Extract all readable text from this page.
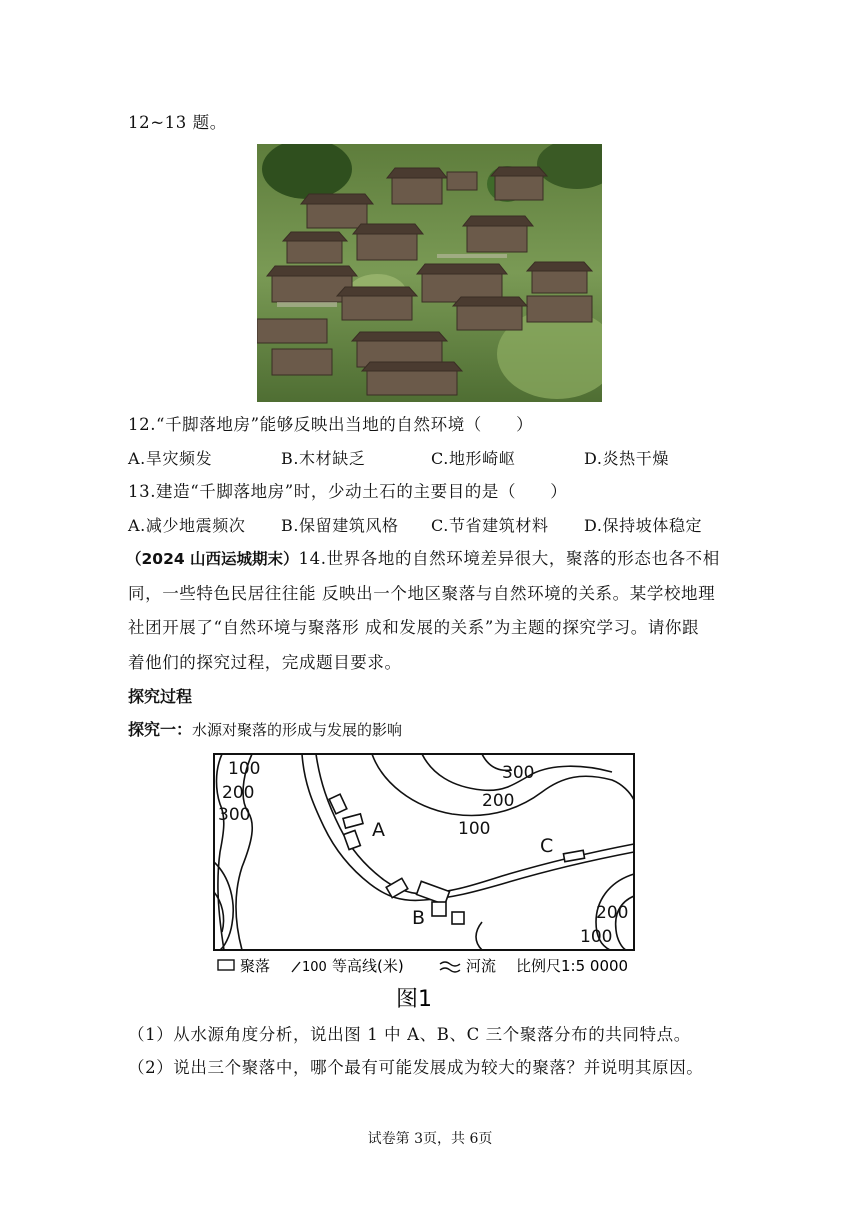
12~13 题。
12.“千脚落地房”能够反映出当地的自然环境（　　）
A.旱灾频发	B.木材缺乏	C.地形崎岖	D.炎热干燥
13.建造“千脚落地房”时，少动土石的主要目的是（　　）
A.减少地震频次 B.保留建筑风格 C.节省建筑材料 D.保持坡体稳定
（2024 山西运城期末）14.世界各地的自然环境差异很大，聚落的形态也各不相
同，一些特色民居往往能 反映出一个地区聚落与自然环境的关系。某学校地理
社团开展了“自然环境与聚落形 成和发展的关系”为主题的探究学习。请你跟
着他们的探究过程，完成题目要求。
探究过程
探究一：水源对聚落的形成与发展的影响
100
200
300
300
200
100
200
100
A
B
C
聚落 100 等高线(米)	河流 比例尺1:5 0000
图1
（1）从水源角度分析，说出图 1 中 A、B、C 三个聚落分布的共同特点。
（2）说出三个聚落中，哪个最有可能发展成为较大的聚落？并说明其原因。
试卷第 3页，共 6页
